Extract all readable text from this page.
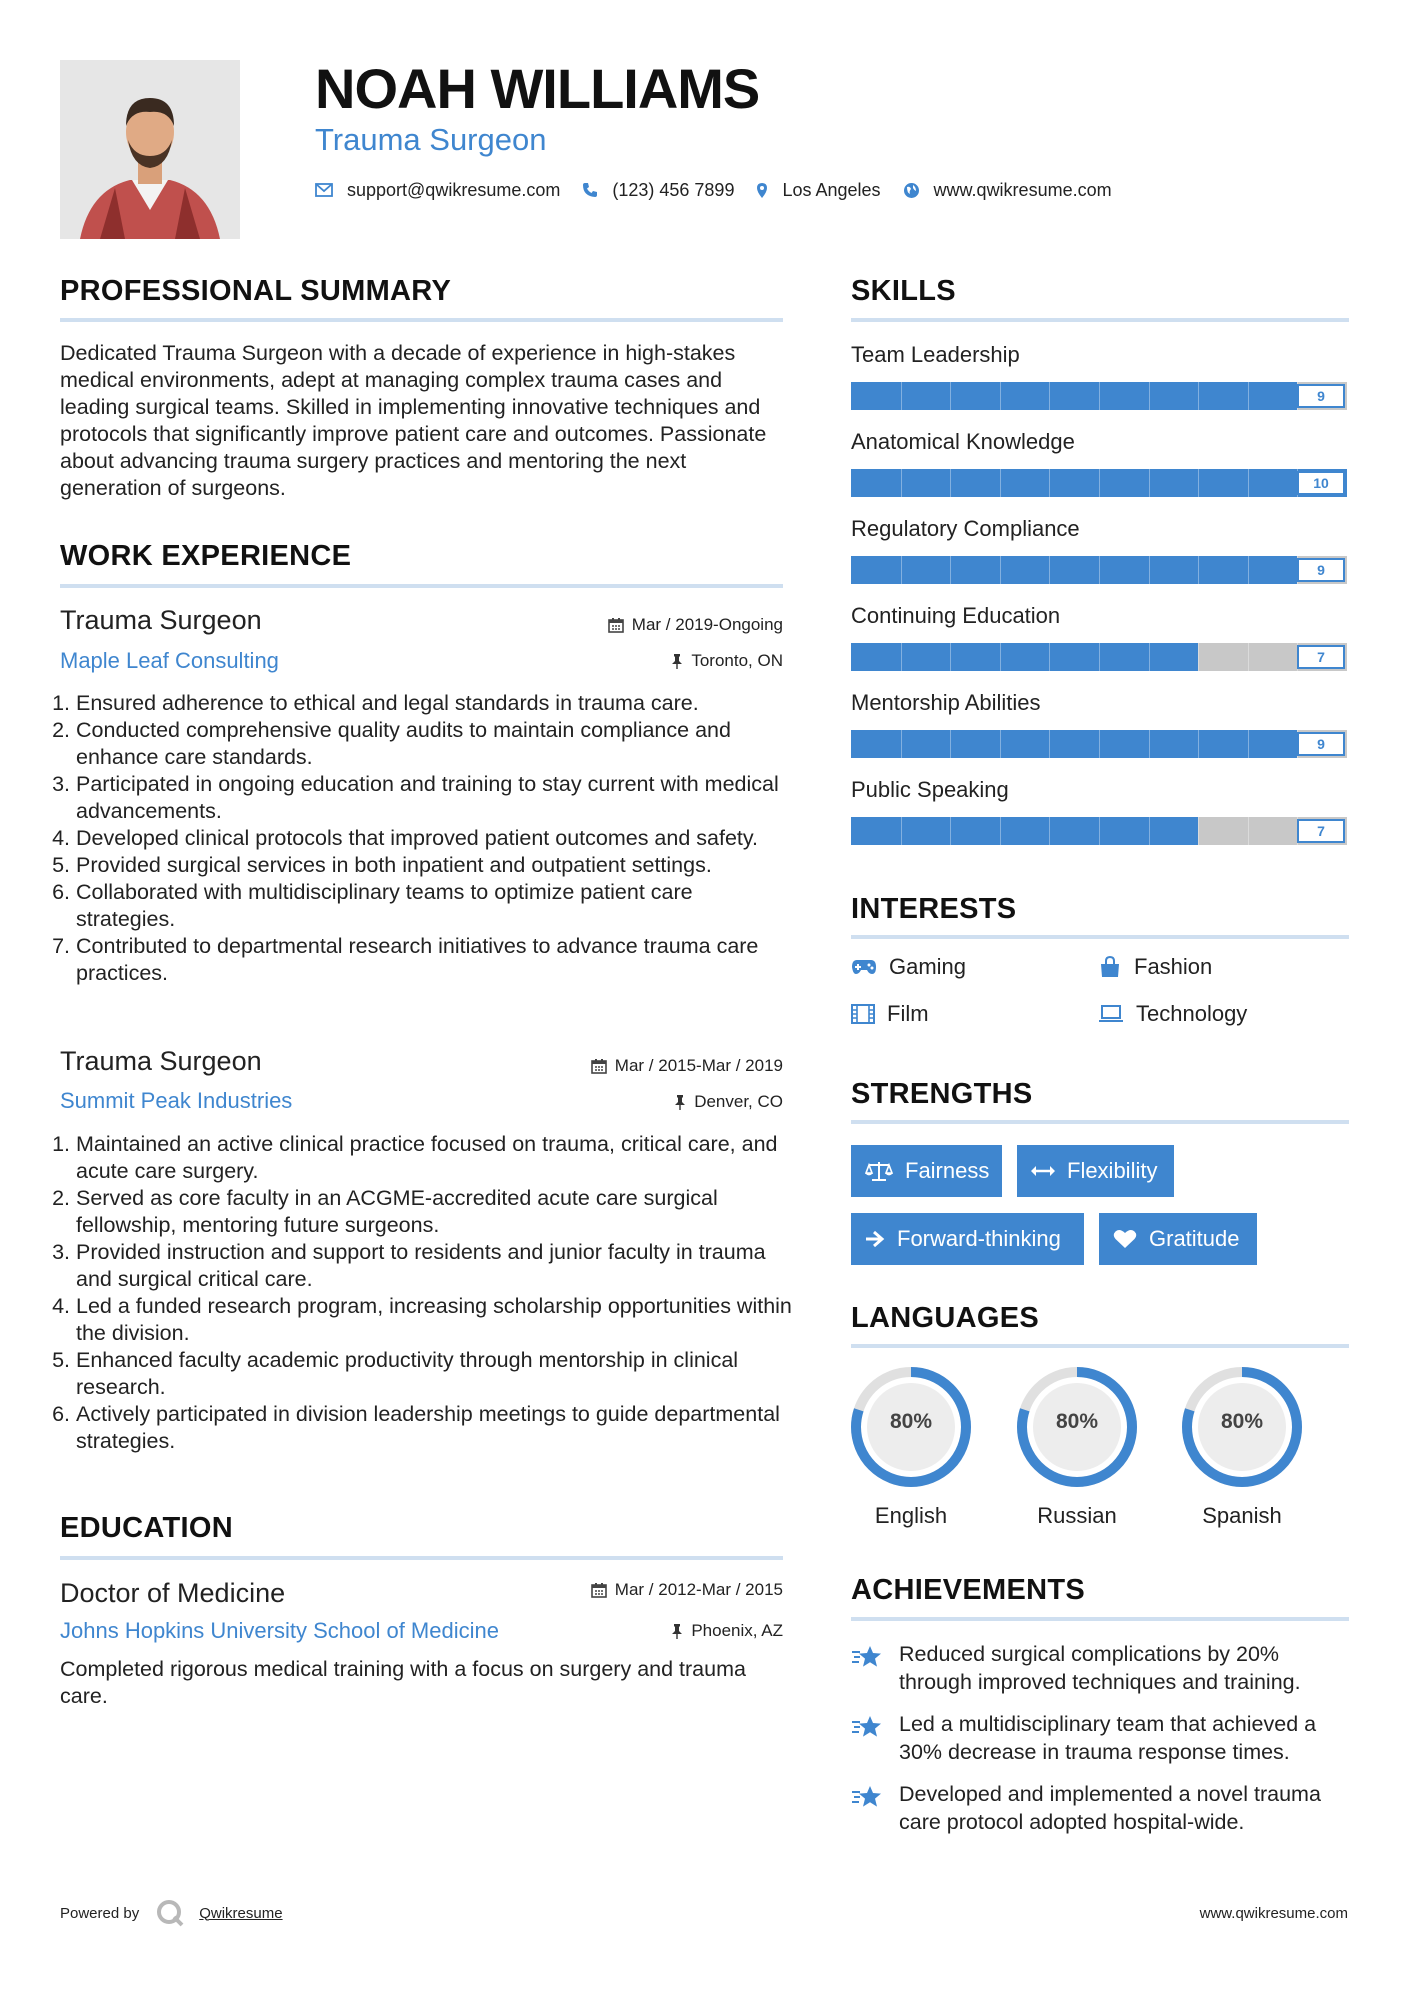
NOAH WILLIAMS
Trauma Surgeon
support@qwikresume.com	(123) 456 7899	Los Angeles	www.qwikresume.com
PROFESSIONAL SUMMARY
Dedicated Trauma Surgeon with a decade of experience in high-stakes medical environments, adept at managing complex trauma cases and leading surgical teams. Skilled in implementing innovative techniques and protocols that significantly improve patient care and outcomes. Passionate about advancing trauma surgery practices and mentoring the next generation of surgeons.
WORK EXPERIENCE
Trauma Surgeon	Mar / 2019-Ongoing
Maple Leaf Consulting	Toronto, ON
1. Ensured adherence to ethical and legal standards in trauma care.
2. Conducted comprehensive quality audits to maintain compliance and enhance care standards.
3. Participated in ongoing education and training to stay current with medical advancements.
4. Developed clinical protocols that improved patient outcomes and safety.
5. Provided surgical services in both inpatient and outpatient settings.
6. Collaborated with multidisciplinary teams to optimize patient care strategies.
7. Contributed to departmental research initiatives to advance trauma care practices.
Trauma Surgeon	Mar / 2015-Mar / 2019
Summit Peak Industries	Denver, CO
1. Maintained an active clinical practice focused on trauma, critical care, and acute care surgery.
2. Served as core faculty in an ACGME-accredited acute care surgical fellowship, mentoring future surgeons.
3. Provided instruction and support to residents and junior faculty in trauma and surgical critical care.
4. Led a funded research program, increasing scholarship opportunities within the division.
5. Enhanced faculty academic productivity through mentorship in clinical research.
6. Actively participated in division leadership meetings to guide departmental strategies.
EDUCATION
Doctor of Medicine	Mar / 2012-Mar / 2015
Johns Hopkins University School of Medicine	Phoenix, AZ
Completed rigorous medical training with a focus on surgery and trauma care.
SKILLS
Team Leadership
9
Anatomical Knowledge
10
Regulatory Compliance
9
Continuing Education
7
Mentorship Abilities
9
Public Speaking
7
INTERESTS
Gaming	Fashion
Film	Technology
STRENGTHS
Fairness	Flexibility
Forward-thinking	Gratitude
LANGUAGES
80%
English
80%
Russian
80%
Spanish
ACHIEVEMENTS
Reduced surgical complications by 20% through improved techniques and training.
Led a multidisciplinary team that achieved a 30% decrease in trauma response times.
Developed and implemented a novel trauma care protocol adopted hospital-wide.
Powered by	Qwikresume	www.qwikresume.com
